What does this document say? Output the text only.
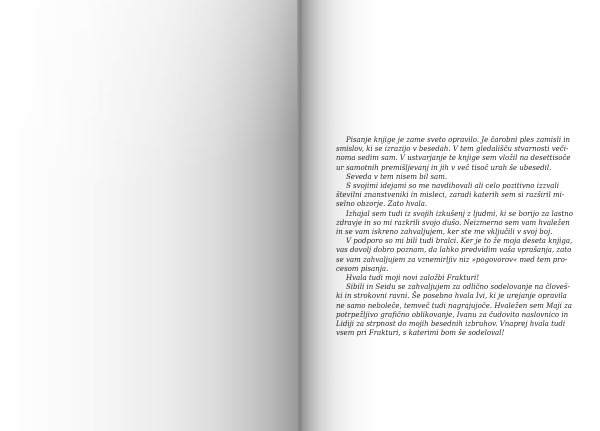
Pisanje knjige je zame sveto opravilo. Je čarobni ples zamisli in
smislov, ki se izrazijo v besedah. V tem gledališču stvarnosti veči-
noma sedim sam. V ustvarjanje te knjige sem vložil na desettisoče
ur samotnih premišljevanj in jih v več tisoč urah še ubesedil.

Seveda v tem nisem bil sam.

S svojimi idejami so me navdihovali ali celo pozitivno izzvali
številni znanstveniki in misleci, zaradi katerih sem si razširil mi-
selno obzorje. Zato hvala.

Izhajal sem tudi iz svojih izkušenj z ljudmi, ki se borijo za lastno
zdravje in so mi razkrili svojo dušo. Neizmerno sem vam hvaležen
in se vam iskreno zahvaljujem, ker ste me vključili v svoj boj.

V podporo so mi bili tudi bralci. Ker je to že moja deseta knjiga,
vas dovolj dobro poznam, da lahko predvidim vaša vprašanja, zato
se vam zahvaljujem za vznemirljiv niz »pogovorov« med tem pro-
cesom pisanja.

Hvala tudi moji novi založbi Frakturi!

Sibili in Seidu se zahvaljujem za odlično sodelovanje na človeš-
ki in strokovni ravni. Še posebno hvala Ivi, ki je urejanje opravila
ne samo neboleče, temveč tudi nagrajujoče. Hvaležen sem Maji za
potrpežljivo grafično oblikovanje, Ivanu za čudovito naslovnico in
Lidiji za strpnost do mojih besednih izbruhov. Vnaprej hvala tudi
vsem pri Frakturi, s katerimi bom še sodeloval!
